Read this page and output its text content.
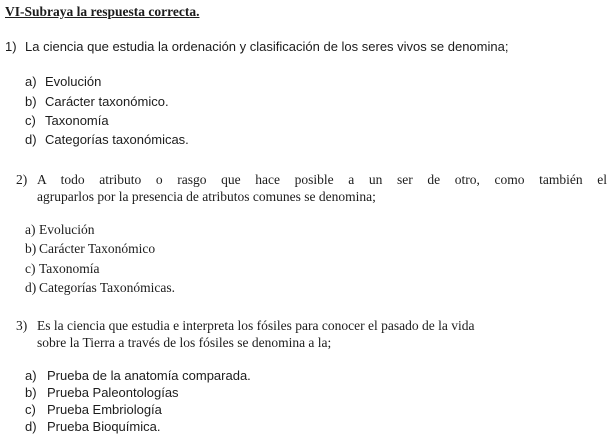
VI-Subraya la respuesta correcta.
1) La ciencia que estudia la ordenación y clasificación de los seres vivos se denomina;
a) Evolución
b) Carácter taxonómico.
c) Taxonomía
d) Categorías taxonómicas.
2) A todo atributo o rasgo que hace posible a un ser de otro, como también el
agruparlos por la presencia de atributos comunes se denomina;
a) Evolución
b) Carácter Taxonómico
c) Taxonomía
d) Categorías Taxonómicas.
3) Es la ciencia que estudia e interpreta los fósiles para conocer el pasado de la vida
sobre la Tierra a través de los fósiles se denomina a la;
a) Prueba de la anatomía comparada.
b) Prueba Paleontologías
c) Prueba Embriología
d) Prueba Bioquímica.
